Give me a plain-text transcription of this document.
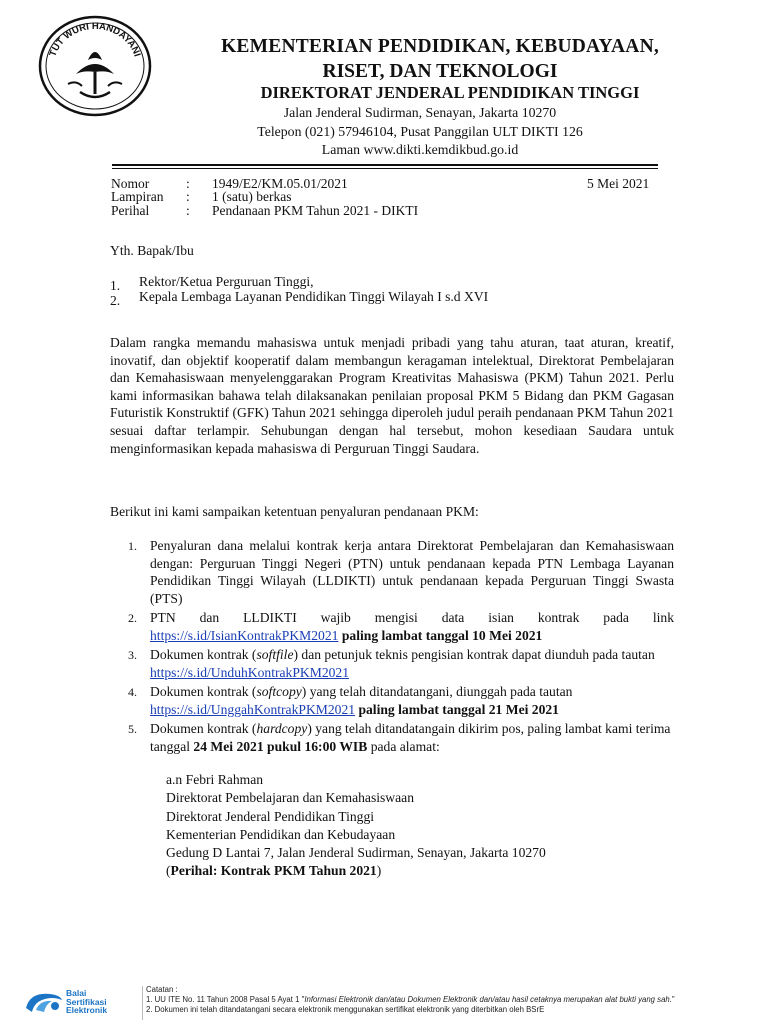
TUT WURI HANDAYANI	KEMENTERIAN PENDIDIKAN, KEBUDAYAAN,
RISET, DAN TEKNOLOGI
DIREKTORAT JENDERAL PENDIDIKAN TINGGI
Jalan Jenderal Sudirman, Senayan, Jakarta 10270
Telepon (021) 57946104, Pusat Panggilan ULT DIKTI 126
Laman www.dikti.kemdikbud.go.id
Nomor	: 1949/E2/KM.05.01/2021	5 Mei 2021
Lampiran : 1 (satu) berkas
Perihal	: Pendanaan PKM Tahun 2021 - DIKTI
Yth. Bapak/Ibu
1. Rektor/Ketua Perguruan Tinggi,
2. Kepala Lembaga Layanan Pendidikan Tinggi Wilayah I s.d XVI
Dalam rangka memandu mahasiswa untuk menjadi pribadi yang tahu aturan, taat aturan, kreatif, inovatif, dan objektif kooperatif dalam membangun keragaman intelektual, Direktorat Pembelajaran dan Kemahasiswaan menyelenggarakan Program Kreativitas Mahasiswa (PKM) Tahun 2021. Perlu kami informasikan bahawa telah dilaksanakan penilaian proposal PKM 5 Bidang dan PKM Gagasan Futuristik Konstruktif (GFK) Tahun 2021 sehingga diperoleh judul peraih pendanaan PKM Tahun 2021 sesuai daftar terlampir. Sehubungan dengan hal tersebut, mohon kesediaan Saudara untuk menginformasikan kepada mahasiswa di Perguruan Tinggi Saudara.
Berikut ini kami sampaikan ketentuan penyaluran pendanaan PKM:
1. Penyaluran dana melalui kontrak kerja antara Direktorat Pembelajaran dan Kemahasiswaan dengan: Perguruan Tinggi Negeri (PTN) untuk pendanaan kepada PTN Lembaga Layanan Pendidikan Tinggi Wilayah (LLDIKTI) untuk pendanaan kepada Perguruan Tinggi Swasta (PTS)
2. PTN dan LLDIKTI wajib mengisi data isian kontrak pada link
https://s.id/IsianKontrakPKM2021 paling lambat tanggal 10 Mei 2021
3. Dokumen kontrak (softfile) dan petunjuk teknis pengisian kontrak dapat diunduh pada tautan https://s.id/UnduhKontrakPKM2021
4. Dokumen kontrak (softcopy) yang telah ditandatangani, diunggah pada tautan https://s.id/UnggahKontrakPKM2021 paling lambat tanggal 21 Mei 2021
5. Dokumen kontrak (hardcopy) yang telah ditandatangain dikirim pos, paling lambat kami terima tanggal 24 Mei 2021 pukul 16:00 WIB pada alamat:
a.n Febri Rahman
Direktorat Pembelajaran dan Kemahasiswaan
Direktorat Jenderal Pendidikan Tinggi
Kementerian Pendidikan dan Kebudayaan
Gedung D Lantai 7, Jalan Jenderal Sudirman, Senayan, Jakarta 10270
(Perihal: Kontrak PKM Tahun 2021)
Balai
Sertifikasi
Elektronik
Catatan :
1. UU ITE No. 11 Tahun 2008 Pasal 5 Ayat 1 "Informasi Elektronik dan/atau Dokumen Elektronik dan/atau hasil cetaknya merupakan alat bukti yang sah."
2. Dokumen ini telah ditandatangani secara elektronik menggunakan sertifikat elektronik yang diterbitkan oleh BSrE
